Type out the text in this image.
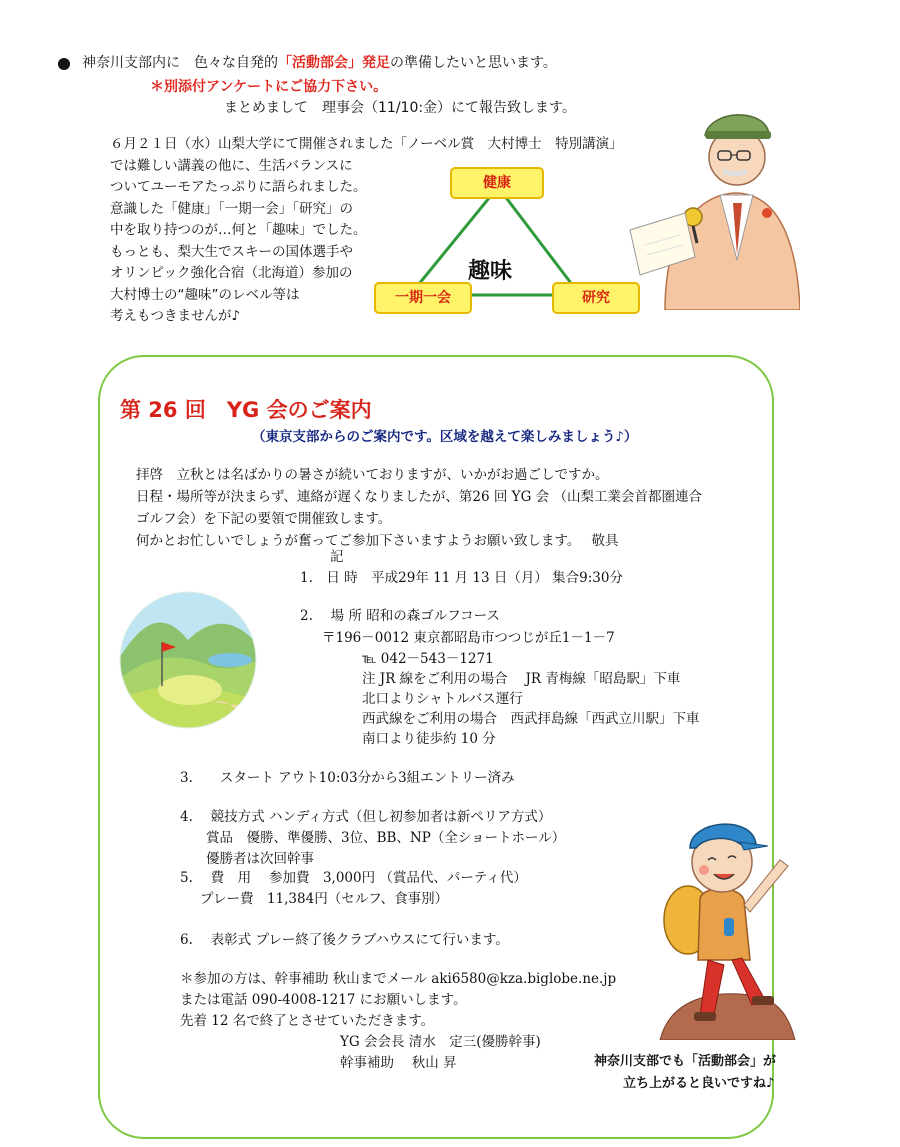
神奈川支部内に　色々な自発的「活動部会」発足の準備したいと思います。
＊別添付アンケートにご協力下さい。
まとめまして　理事会（11/10:金）にて報告致します。
６月２１日（水）山梨大学にて開催されました「ノーベル賞　大村博士　特別講演」
では難しい講義の他に、生活バランスに
ついてユーモアたっぷりに語られました。
意識した「健康」「一期一会」「研究」の
中を取り持つのが…何と「趣味」でした。
もっとも、梨大生でスキーの国体選手や
オリンピック強化合宿（北海道）参加の
大村博士の“趣味”のレベル等は
考えもつきませんが♪
健康
一期一会	研究
趣味
第 26 回　YG 会のご案内
（東京支部からのご案内です。区域を越えて楽しみましょう♪）
拝啓　立秋とは名ばかりの暑さが続いておりますが、いかがお過ごしですか。
日程・場所等が決まらず、連絡が遅くなりましたが、第26 回 YG 会 （山梨工業会首都圏連合
ゴルフ会）を下記の要領で開催致します。
何かとお忙しいでしょうが奮ってご参加下さいますようお願い致します。　 敬具
記
1.　日 時　平成29年 11 月 13 日（月） 集合9:30分
2.　 場 所 昭和の森ゴルフコース
〒196－0012 東京都昭島市つつじが丘1－1－7
℡ 042－543－1271
注 JR 線をご利用の場合　 JR 青梅線「昭島駅」下車
北口よりシャトルバス運行
西武線をご利用の場合　西武拝島線「西武立川駅」下車
南口より徒歩約 10 分
3.　　スタート アウト10:03分から3組エントリー済み
4.　 競技方式 ハンディ方式（但し初参加者は新ペリア方式）
賞品　優勝、準優勝、3位、BB、NP（全ショートホール）
優勝者は次回幹事
5.　 費　用　 参加費　3,000円 （賞品代、パーティ代）
プレー費　11,384円（セルフ、食事別）
6.　 表彰式 プレー終了後クラブハウスにて行います。
＊参加の方は、幹事補助 秋山までメール aki6580@kza.biglobe.ne.jp
または電話 090-4008-1217 にお願いします。
先着 12 名で終了とさせていただきます。
YG 会会長 清水　定三(優勝幹事)
幹事補助　 秋山 昇	神奈川支部でも「活動部会」が
立ち上がると良いですね♪
